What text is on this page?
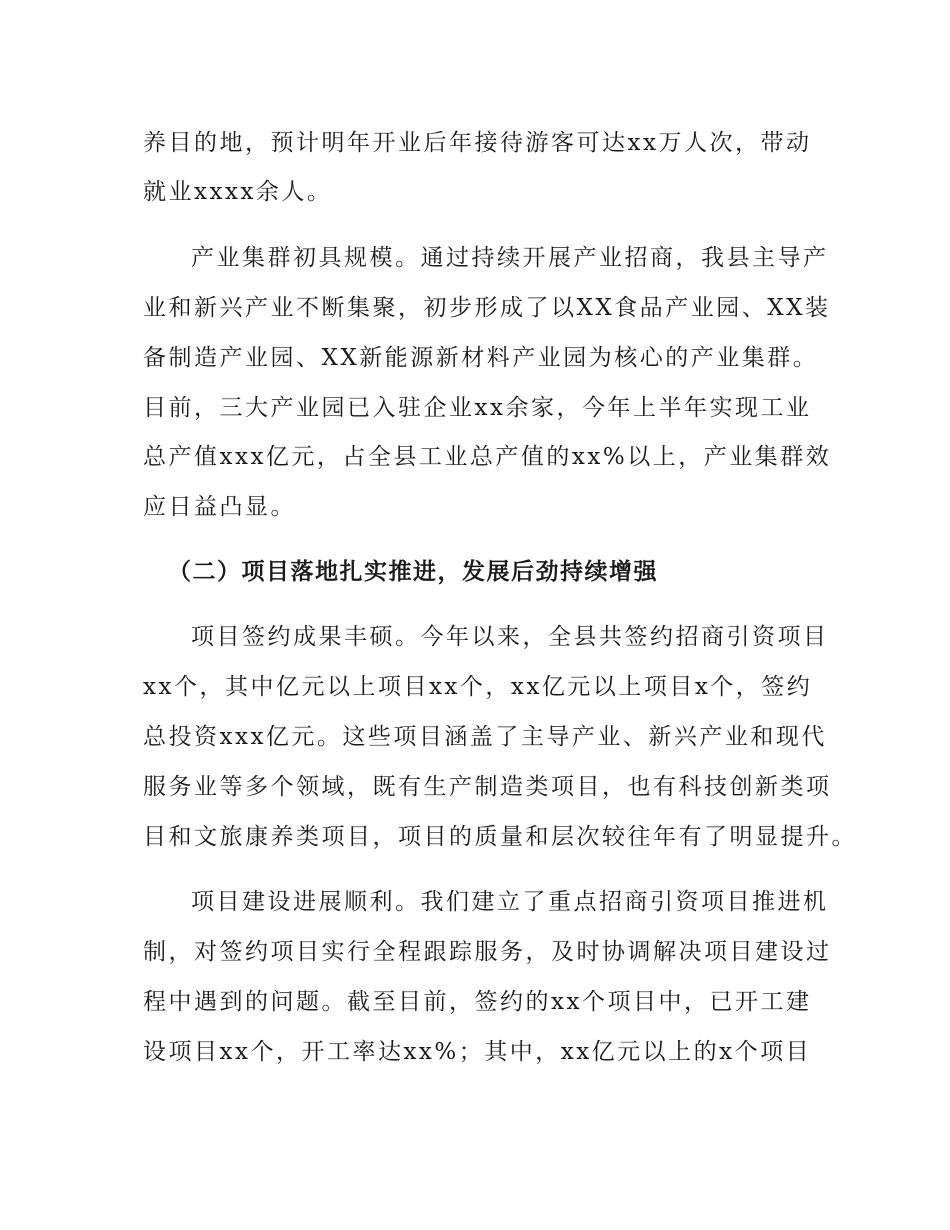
养目的地，预计明年开业后年接待游客可达xx万人次，带动
就业xxxx余人。
产业集群初具规模。通过持续开展产业招商，我县主导产
业和新兴产业不断集聚，初步形成了以XX食品产业园、XX装
备制造产业园、XX新能源新材料产业园为核心的产业集群。
目前，三大产业园已入驻企业xx余家，今年上半年实现工业
总产值xxx亿元，占全县工业总产值的xx%以上，产业集群效
应日益凸显。
（二）项目落地扎实推进，发展后劲持续增强
项目签约成果丰硕。今年以来，全县共签约招商引资项目
xx个，其中亿元以上项目xx个，xx亿元以上项目x个，签约
总投资xxx亿元。这些项目涵盖了主导产业、新兴产业和现代
服务业等多个领域，既有生产制造类项目，也有科技创新类项
目和文旅康养类项目，项目的质量和层次较往年有了明显提升。
项目建设进展顺利。我们建立了重点招商引资项目推进机
制，对签约项目实行全程跟踪服务，及时协调解决项目建设过
程中遇到的问题。截至目前，签约的xx个项目中，已开工建
设项目xx个，开工率达xx%；其中，xx亿元以上的x个项目
